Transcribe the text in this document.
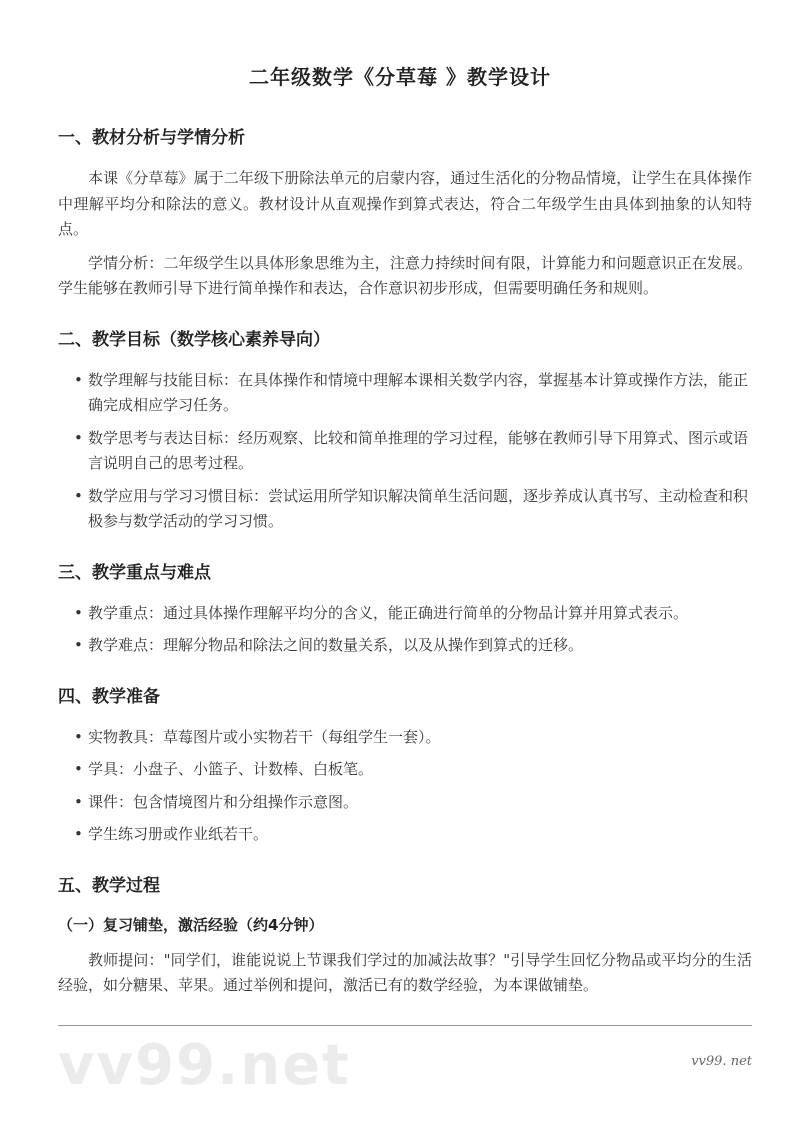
二年级数学《分草莓 》教学设计
一、教材分析与学情分析

本课《分草莓》属于二年级下册除法单元的启蒙内容，通过生活化的分物品情境，让学生在具体操作中理解平均分和除法的意义。教材设计从直观操作到算式表达，符合二年级学生由具体到抽象的认知特点。

学情分析：二年级学生以具体形象思维为主，注意力持续时间有限，计算能力和问题意识正在发展。学生能够在教师引导下进行简单操作和表达，合作意识初步形成，但需要明确任务和规则。

二、教学目标（数学核心素养导向）
• 数学理解与技能目标：在具体操作和情境中理解本课相关数学内容，掌握基本计算或操作方法，能正确完成相应学习任务。
• 数学思考与表达目标：经历观察、比较和简单推理的学习过程，能够在教师引导下用算式、图示或语言说明自己的思考过程。
• 数学应用与学习习惯目标：尝试运用所学知识解决简单生活问题，逐步养成认真书写、主动检查和积极参与数学活动的学习习惯。
三、教学重点与难点
• 教学重点：通过具体操作理解平均分的含义，能正确进行简单的分物品计算并用算式表示。
• 教学难点：理解分物品和除法之间的数量关系，以及从操作到算式的迁移。
四、教学准备
• 实物教具：草莓图片或小实物若干（每组学生一套）。
• 学具：小盘子、小篮子、计数棒、白板笔。
• 课件：包含情境图片和分组操作示意图。
• 学生练习册或作业纸若干。
五、教学过程
（一）复习铺垫，激活经验（约4分钟）

教师提问："同学们，谁能说说上节课我们学过的加减法故事？"引导学生回忆分物品或平均分的生活经验，如分糖果、苹果。通过举例和提问，激活已有的数学经验，为本课做铺垫。

vv99.net	vv99. net
